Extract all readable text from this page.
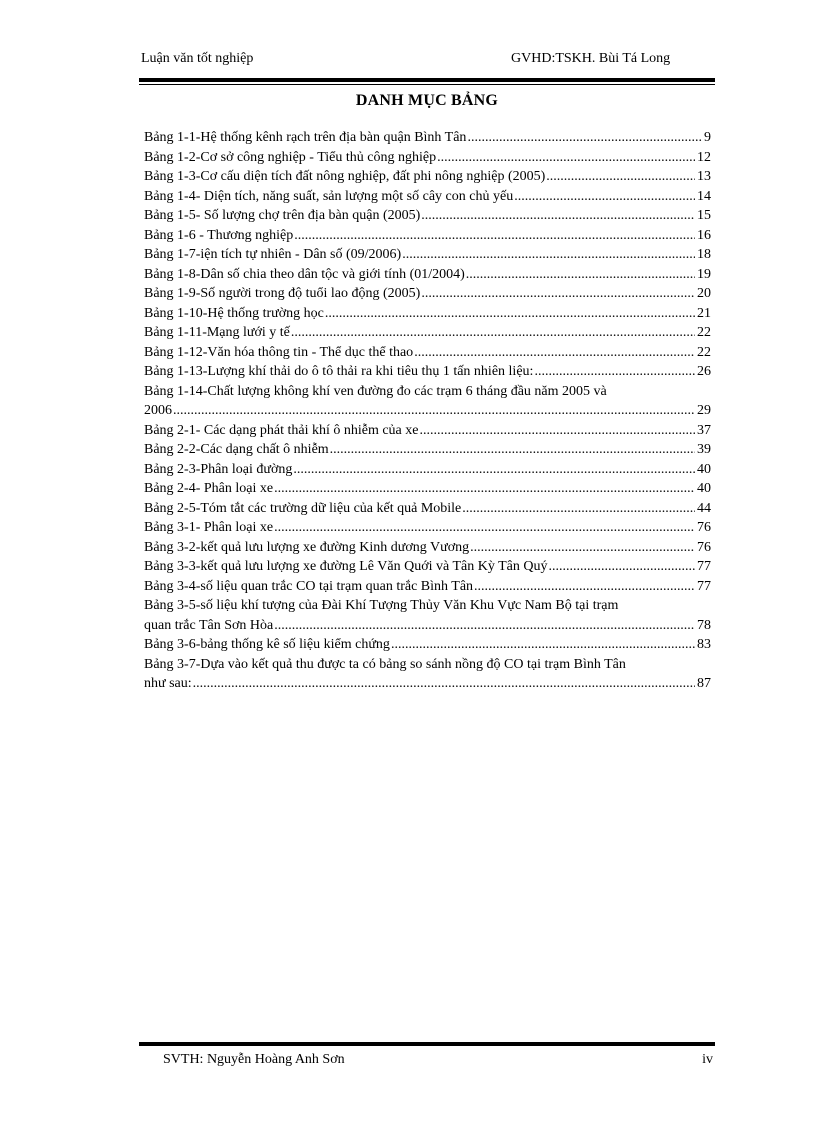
Luận văn tốt nghiệp	GVHD:TSKH. Bùi Tá Long
DANH MỤC BẢNG
Bảng 1-1-Hệ thống kênh rạch trên địa bàn quận Bình Tân .....	9
Bảng 1-2-Cơ sở công nghiệp - Tiểu thủ công nghiệp .....	12
Bảng 1-3-Cơ cấu diện tích đất nông nghiệp, đất phi nông nghiệp (2005) .....	13
Bảng 1-4- Diện tích, năng suất, sản lượng một số cây con chủ yếu .....	14
Bảng 1-5- Số lượng chợ trên địa bàn quận (2005) .....	15
Bảng 1-6 - Thương nghiệp .....	16
Bảng 1-7-iện tích tự nhiên - Dân số (09/2006) .....	18
Bảng 1-8-Dân số chia theo dân tộc và giới tính (01/2004) .....	19
Bảng 1-9-Số người trong độ tuổi lao động (2005) .....	20
Bảng 1-10-Hệ thống trường học .....	21
Bảng 1-11-Mạng lưới y tế .....	22
Bảng 1-12-Văn hóa thông tin - Thể dục thể thao .....	22
Bảng 1-13-Lượng khí thải do ô tô thải ra khi tiêu thụ 1 tấn nhiên liệu: .....	26
Bảng 1-14-Chất lượng không khí ven đường đo các trạm 6 tháng đầu năm 2005 và
2006 .....	29
Bảng 2-1- Các dạng phát thải khí ô nhiễm của xe .....	37
Bảng 2-2-Các dạng chất ô nhiễm .....	39
Bảng 2-3-Phân loại đường .....	40
Bảng 2-4- Phân loại xe .....	40
Bảng 2-5-Tóm tắt các trường dữ liệu của kết quả Mobile .....	44
Bảng 3-1- Phân loại xe .....	76
Bảng 3-2-kết quả lưu lượng xe đường Kinh dương Vương .....	76
Bảng 3-3-kết quả lưu lượng xe đường Lê Văn Quới và Tân Kỳ Tân Quý .....	77
Bảng 3-4-số liệu quan trắc CO tại trạm quan trắc Bình Tân .....	77
Bảng 3-5-số liệu khí tượng của Đài Khí Tượng Thủy Văn Khu Vực Nam Bộ tại trạm
quan trắc Tân Sơn Hòa .....	78
Bảng 3-6-bảng thống kê số liệu kiểm chứng .....	83
Bảng 3-7-Dựa vào kết quả thu được ta có bảng so sánh nồng độ CO tại trạm Bình Tân
như sau: .....	87
SVTH: Nguyễn Hoàng Anh Sơn	iv
